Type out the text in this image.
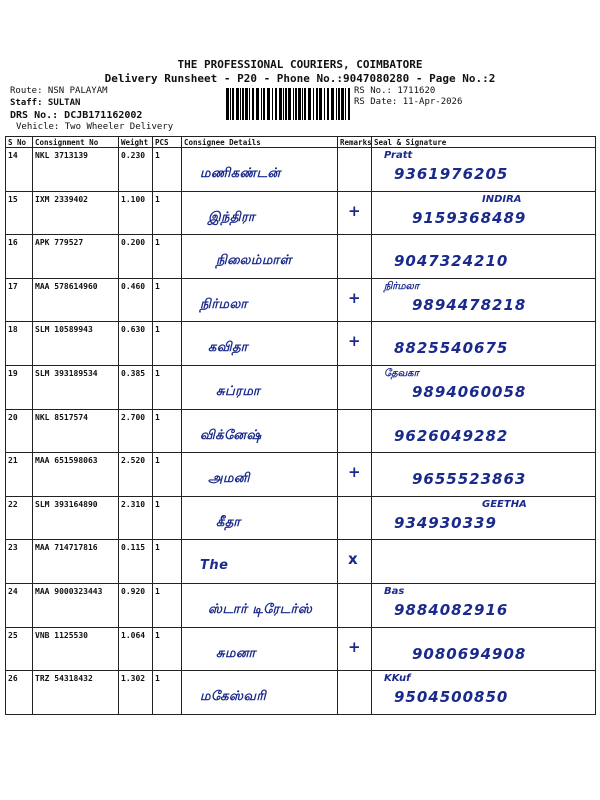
THE PROFESSIONAL COURIERS, COIMBATORE
Delivery Runsheet - P20 - Phone No.:9047080280 - Page No.:2
Route: NSN PALAYAM
Staff: SULTAN
DRS No.: DCJB171162002
Vehicle: Two Wheeler Delivery
RS No.: 1711620
RS Date: 11-Apr-2026
S No	Consignment No	Weight	PCS	Consignee Details	Remarks	Seal & Signature
14	NKL 3713139	0.230	1	மணிகண்டன்		Pratt
9361976205

15	IXM 2339402	1.100	1	இந்திரா	+	INDIRA
9159368489

16	APK 779527	0.200	1	நிலைம்மாள்		9047324210

17	MAA 578614960	0.460	1	நிர்மலா	+	நிர்மலா
9894478218

18	SLM 10589943	0.630	1	கவிதா	+	8825540675

19	SLM 393189534	0.385	1	சுப்ரமா		தேவகா
9894060058

20	NKL 8517574	2.700	1	விக்னேஷ்		9626049282

21	MAA 651598063	2.520	1	அமனி	+	9655523863

22	SLM 393164890	2.310	1	கீதா		GEETHA
934930339

23	MAA 714717816	0.115	1	The	x	

24	MAA 9000323443	0.920	1	ஸ்டார் டிரேடர்ஸ்		Bas
9884082916

25	VNB 1125530	1.064	1	சுமனா	+	9080694908

26	TRZ 54318432	1.302	1	மகேஸ்வரி		KKuf
9504500850
